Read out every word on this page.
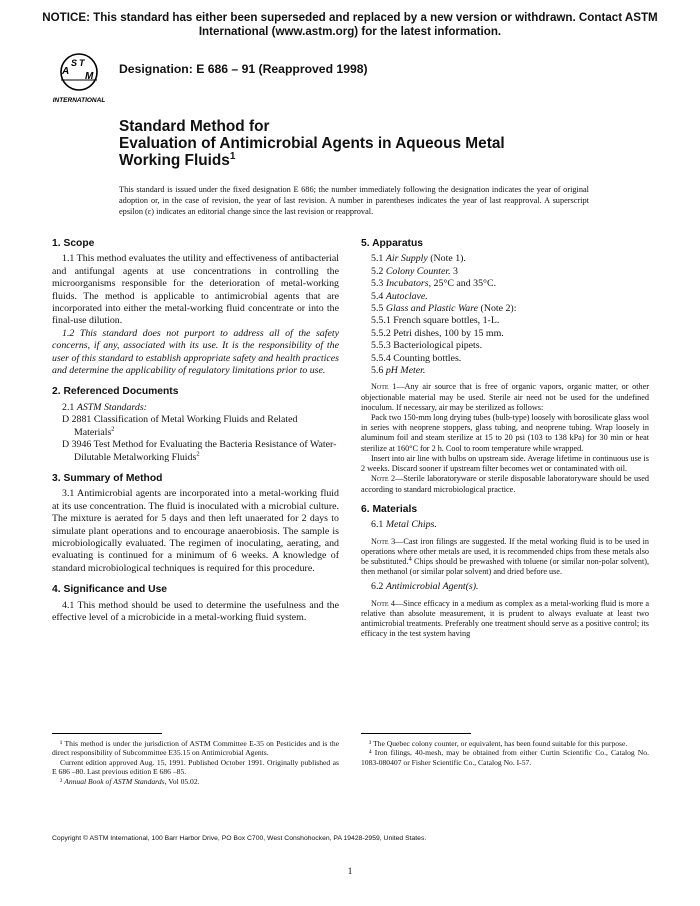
NOTICE: This standard has either been superseded and replaced by a new version or withdrawn. Contact ASTM
International (www.astm.org) for the latest information.
A
S T
M
INTERNATIONAL
Designation: E 686 – 91 (Reapproved 1998)
Standard Method for
Evaluation of Antimicrobial Agents in Aqueous Metal
Working Fluids$^1$
This standard is issued under the fixed designation E 686; the number immediately following the designation indicates the year of original adoption or, in the case of revision, the year of last revision. A number in parentheses indicates the year of last reapproval. A superscript epsilon (ε) indicates an editorial change since the last revision or reapproval.
1. Scope

1.1 This method evaluates the utility and effectiveness of antibacterial and antifungal agents at use concentrations in controlling the microorganisms responsible for the deterioration of metal-working fluids. The method is applicable to antimicrobial agents that are incorporated into either the metal-working fluid concentrate or into the final-use dilution.

1.2 This standard does not purport to address all of the safety concerns, if any, associated with its use. It is the responsibility of the user of this standard to establish appropriate safety and health practices and determine the applicability of regulatory limitations prior to use.

2. Referenced Documents

2.1 ASTM Standards:

D 2881 Classification of Metal Working Fluids and Related Materials$^2$

D 3946 Test Method for Evaluating the Bacteria Resistance of Water-Dilutable Metalworking Fluids$^2$

3. Summary of Method

3.1 Antimicrobial agents are incorporated into a metal-working fluid at its use concentration. The fluid is inoculated with a microbial culture. The mixture is aerated for 5 days and then left unaerated for 2 days to simulate plant operations and to encourage anaerobiosis. The sample is microbiologically evaluated. The regimen of inoculating, aerating, and evaluating is continued for a minimum of 6 weeks. A knowledge of standard microbiological techniques is required for this procedure.

4. Significance and Use

4.1 This method should be used to determine the usefulness and the effective level of a microbicide in a metal-working fluid system.

5. Apparatus

5.1 Air Supply (Note 1).

5.2 Colony Counter. 3

5.3 Incubators, 25°C and 35°C.

5.4 Autoclave.

5.5 Glass and Plastic Ware (Note 2):

5.5.1 French square bottles, 1-L.

5.5.2 Petri dishes, 100 by 15 mm.

5.5.3 Bacteriological pipets.

5.5.4 Counting bottles.

5.6 pH Meter.

Note 1—Any air source that is free of organic vapors, organic matter, or other objectionable material may be used. Sterile air need not be used for the undefined inoculum. If necessary, air may be sterilized as follows:

Pack two 150-mm long drying tubes (bulb-type) loosely with borosilicate glass wool in series with neoprene stoppers, glass tubing, and neoprene tubing. Wrap loosely in aluminum foil and steam sterilize at 15 to 20 psi (103 to 138 kPa) for 30 min or heat sterilize at 160°C for 2 h. Cool to room temperature while wrapped.

Insert into air line with bulbs on upstream side. Average lifetime in continuous use is 2 weeks. Discard sooner if upstream filter becomes wet or contaminated with oil.

Note 2—Sterile laboratoryware or sterile disposable laboratoryware should be used according to standard microbiological practice.

6. Materials

6.1 Metal Chips.

Note 3—Cast iron filings are suggested. If the metal working fluid is to be used in operations where other metals are used, it is recommended chips from these metals also be substituted.$^4$ Chips should be prewashed with toluene (or similar non-polar solvent), then methanol (or similar polar solvent) and dried before use.

6.2 Antimicrobial Agent(s).

Note 4—Since efficacy in a medium as complex as a metal-working fluid is more a relative than absolute measurement, it is prudent to always evaluate at least two antimicrobial treatments. Preferably one treatment should serve as a positive control; its efficacy in the test system having

¹ This method is under the jurisdiction of ASTM Committee E-35 on Pesticides and is the direct responsibility of Subcommittee E35.15 on Antimicrobial Agents.

Current edition approved Aug. 15, 1991. Published October 1991. Originally published as E 686 –80. Last previous edition E 686 –85.

² Annual Book of ASTM Standards, Vol 05.02.

³ The Quebec colony counter, or equivalent, has been found suitable for this purpose.

⁴ Iron filings, 40-mesh, may be obtained from either Curtin Scientific Co., Catalog No. 1083-080407 or Fisher Scientific Co., Catalog No. I-57.

Copyright © ASTM International, 100 Barr Harbor Drive, PO Box C700, West Conshohocken, PA 19428-2959, United States.
1
